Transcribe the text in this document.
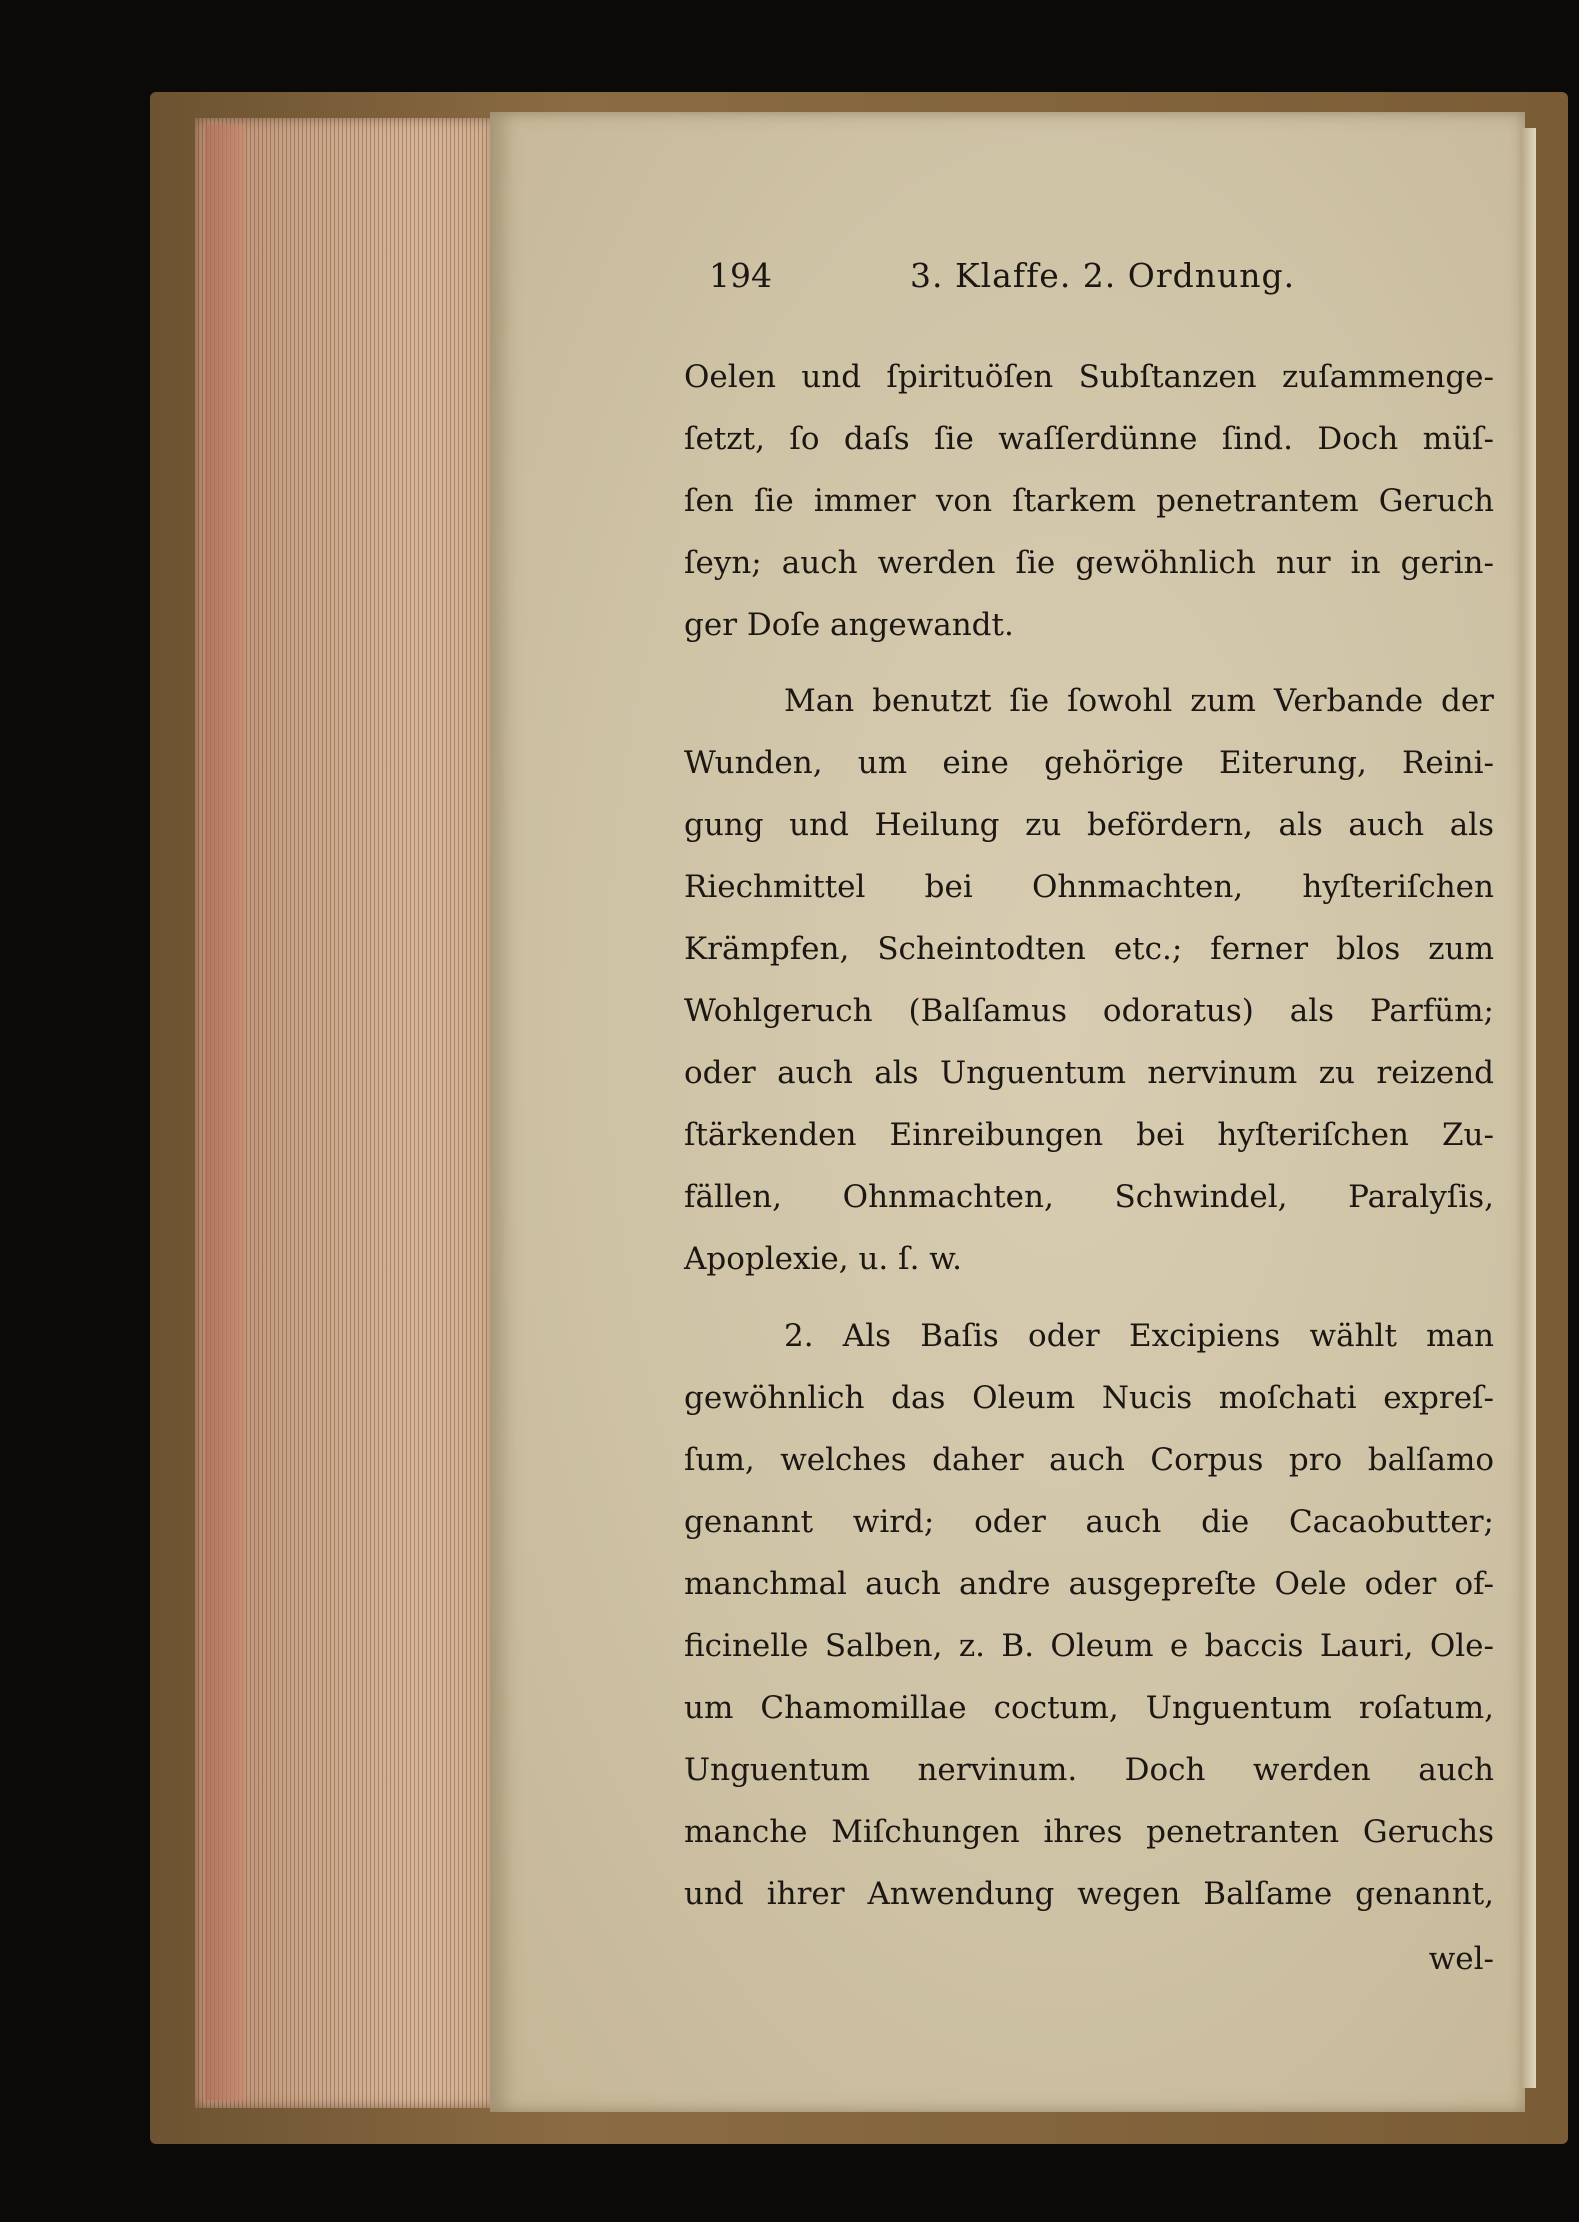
194	3. Klaffe. 2. Ordnung.
Oelen und ſpirituöſen Subſtanzen zuſammenge-
ſetzt, ſo daſs ſie waſſerdünne ſind. Doch müſ-
ſen ſie immer von ſtarkem penetrantem Geruch
ſeyn; auch werden ſie gewöhnlich nur in gerin-
ger Doſe angewandt.
Man benutzt ſie ſowohl zum Verbande der
Wunden, um eine gehörige Eiterung, Reini-
gung und Heilung zu befördern, als auch als
Riechmittel bei Ohnmachten, hyſteriſchen
Krämpfen, Scheintodten etc.; ferner blos zum
Wohlgeruch (Balſamus odoratus) als Parfüm;
oder auch als Unguentum nervinum zu reizend
ſtärkenden Einreibungen bei hyſteriſchen Zu-
fällen, Ohnmachten, Schwindel, Paralyſis,
Apoplexie, u. ſ. w.
2. Als Baſis oder Excipiens wählt man
gewöhnlich das Oleum Nucis moſchati expreſ-
ſum, welches daher auch Corpus pro balſamo
genannt wird; oder auch die Cacaobutter;
manchmal auch andre ausgepreſte Oele oder of-
ficinelle Salben, z. B. Oleum e baccis Lauri, Ole-
um Chamomillae coctum, Unguentum roſatum,
Unguentum nervinum. Doch werden auch
manche Miſchungen ihres penetranten Geruchs
und ihrer Anwendung wegen Balſame genannt,
wel-
